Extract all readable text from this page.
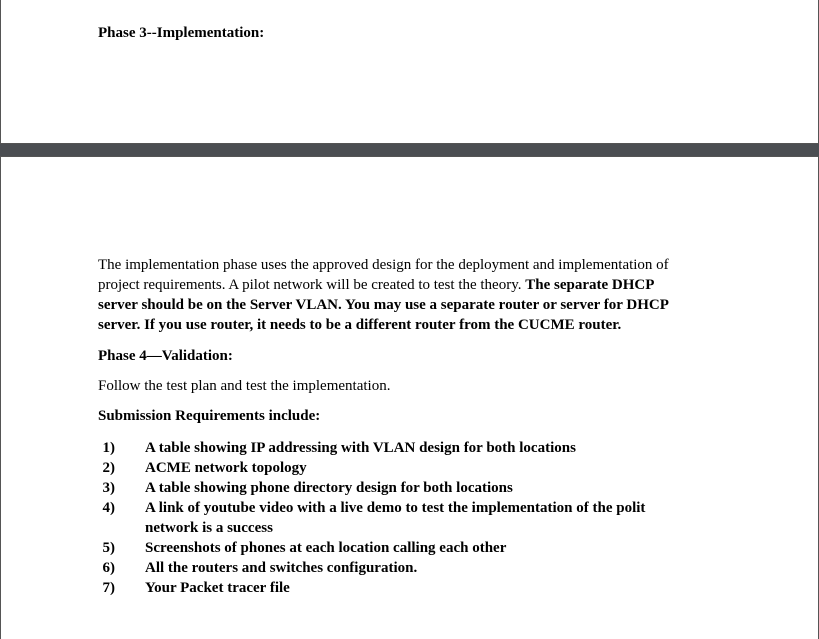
Phase 3--Implementation:
The implementation phase uses the approved design for the deployment and implementation of
project requirements. A pilot network will be created to test the theory. The separate DHCP
server should be on the Server VLAN. You may use a separate router or server for DHCP
server. If you use router, it needs to be a different router from the CUCME router.
Phase 4—Validation:
Follow the test plan and test the implementation.
Submission Requirements include:
1) A table showing IP addressing with VLAN design for both locations
2) ACME network topology
3) A table showing phone directory design for both locations
4) A link of youtube video with a live demo to test the implementation of the polit
network is a success
5) Screenshots of phones at each location calling each other
6) All the routers and switches configuration.
7) Your Packet tracer file
